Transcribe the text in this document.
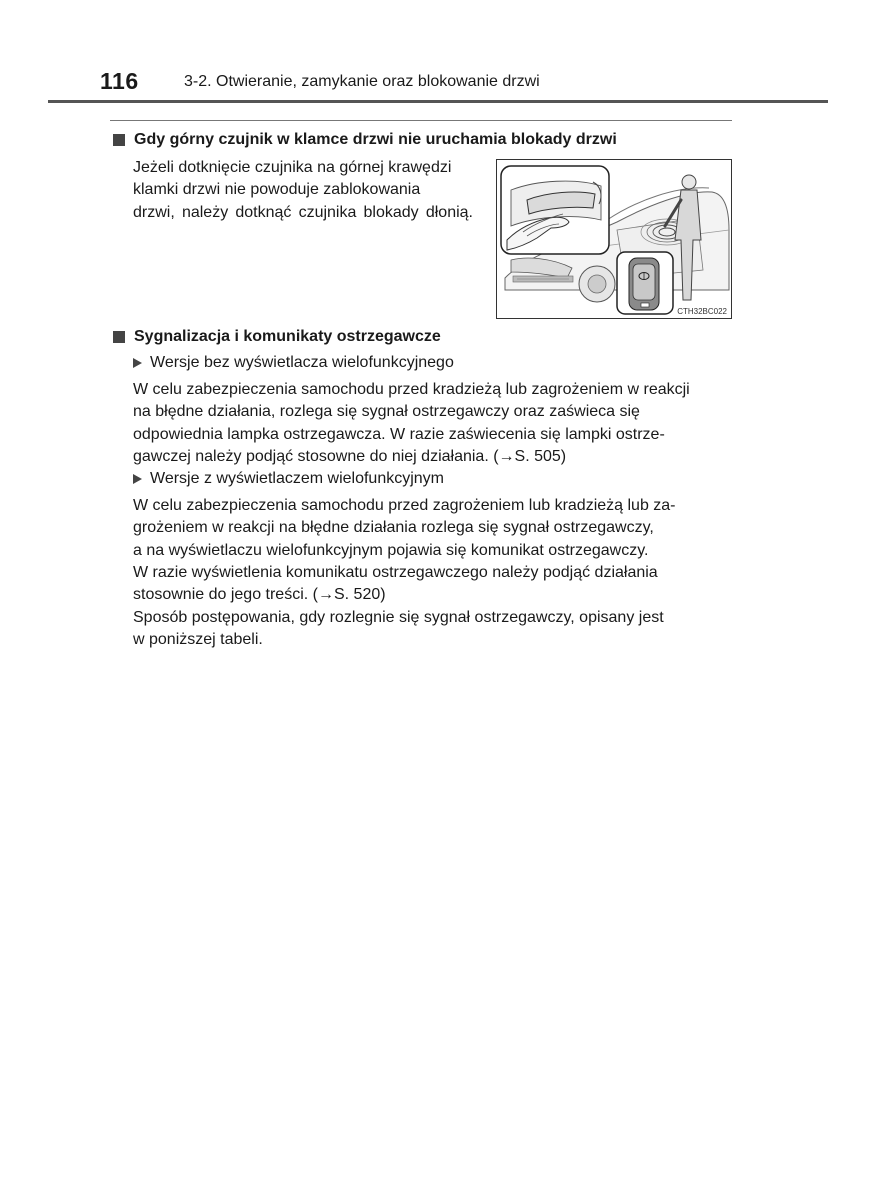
116	3-2. Otwieranie, zamykanie oraz blokowanie drzwi
Gdy górny czujnik w klamce drzwi nie uruchamia blokady drzwi
Jeżeli dotknięcie czujnika na górnej krawędzi
klamki drzwi nie powoduje zablokowania
drzwi, należy dotknąć czujnika blokady dłonią.
CTH32BC022
Sygnalizacja i komunikaty ostrzegawcze
Wersje bez wyświetlacza wielofunkcyjnego
W celu zabezpieczenia samochodu przed kradzieżą lub zagrożeniem w reakcji
na błędne działania, rozlega się sygnał ostrzegawczy oraz zaświeca się
odpowiednia lampka ostrzegawcza. W razie zaświecenia się lampki ostrze-
gawczej należy podjąć stosowne do niej działania. (→S. 505)
Wersje z wyświetlaczem wielofunkcyjnym
W celu zabezpieczenia samochodu przed zagrożeniem lub kradzieżą lub za-
grożeniem w reakcji na błędne działania rozlega się sygnał ostrzegawczy,
a na wyświetlaczu wielofunkcyjnym pojawia się komunikat ostrzegawczy.
W razie wyświetlenia komunikatu ostrzegawczego należy podjąć działania
stosownie do jego treści. (→S. 520)
Sposób postępowania, gdy rozlegnie się sygnał ostrzegawczy, opisany jest
w poniższej tabeli.
